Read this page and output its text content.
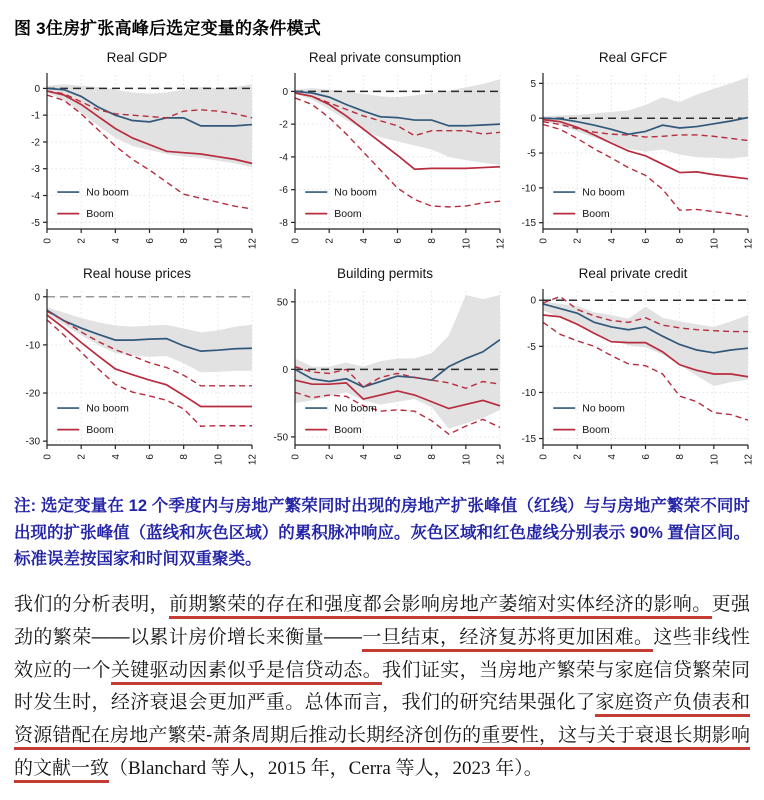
图 3住房扩张高峰后选定变量的条件模式
Real GDP
0
-1
-2
-3
-4
-5
0 2 4 6 8 10 12
No boom
Boom
Real private consumption
0
-2
-4
-6
-8
0 2 4 6 8 10 12
No boom
Boom
Real GFCF
5
0
-5
-10
-15
0 2 4 6 8 10 12
No boom
Boom
Real house prices
0
-10
-20
-30
0 2 4 6 8 10 12
No boom
Boom
Building permits
50
0
-50
0 2 4 6 8 10 12
No boom
Boom
Real private credit
0
-5
-10
-15
0 2 4 6 8 10 12
No boom
Boom

注: 选定变量在 12 个季度内与房地产繁荣同时出现的房地产扩张峰值（红线）与与房地产繁荣不同时出现的扩张峰值（蓝线和灰色区域）的累积脉冲响应。灰色区域和红色虚线分别表示 90% 置信区间。标准误差按国家和时间双重聚类。

我们的分析表明，前期繁荣的存在和强度都会影响房地产萎缩对实体经济的影响。更强劲的繁荣——以累计房价增长来衡量——一旦结束，经济复苏将更加困难。这些非线性效应的一个关键驱动因素似乎是信贷动态。我们证实，当房地产繁荣与家庭信贷繁荣同时发生时，经济衰退会更加严重。总体而言，我们的研究结果强化了家庭资产负债表和资源错配在房地产繁荣-萧条周期后推动长期经济创伤的重要性，这与关于衰退长期影响的文献一致（Blanchard 等人，2015 年，Cerra 等人，2023 年）。
